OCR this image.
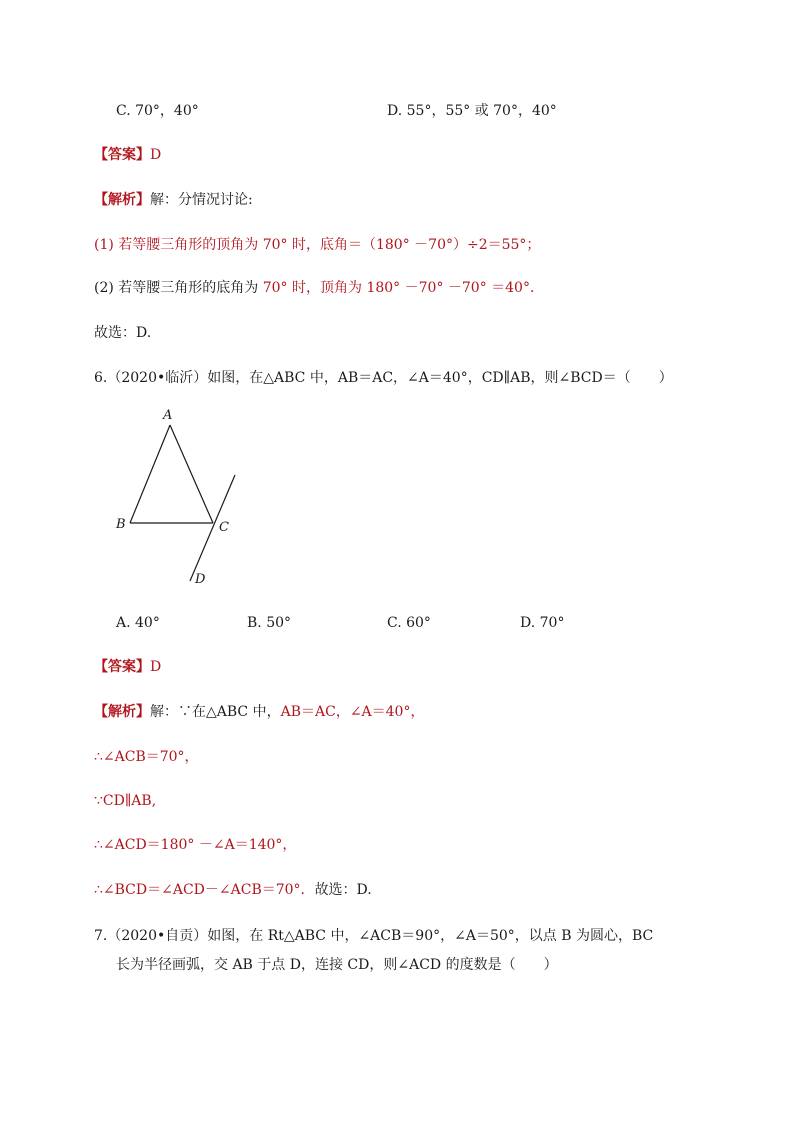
C. 70°，40°	D. 55°，55° 或 70°，40°
【答案】D
【解析】解：分情况讨论:
(1) 若等腰三角形的顶角为 70° 时，底角＝（180° －70°）÷2＝55°；
(2) 若等腰三角形的底角为 70° 时，顶角为 180° －70° －70° ＝40°．
故选：D.
6.（2020•临沂）如图，在△ABC 中，AB＝AC，∠A＝40°，CD∥AB，则∠BCD＝（　　）
A
B	C
D
A. 40°	B. 50°	C. 60°	D. 70°
【答案】D
【解析】解：∵在△ABC 中，AB＝AC，∠A＝40°，
∴∠ACB＝70°，
∵CD∥AB,
∴∠ACD＝180° －∠A＝140°，
∴∠BCD＝∠ACD－∠ACB＝70°．故选：D.
7.（2020•自贡）如图，在 Rt△ABC 中，∠ACB＝90°，∠A＝50°，以点 B 为圆心，BC
长为半径画弧，交 AB 于点 D，连接 CD，则∠ACD 的度数是（　　）
